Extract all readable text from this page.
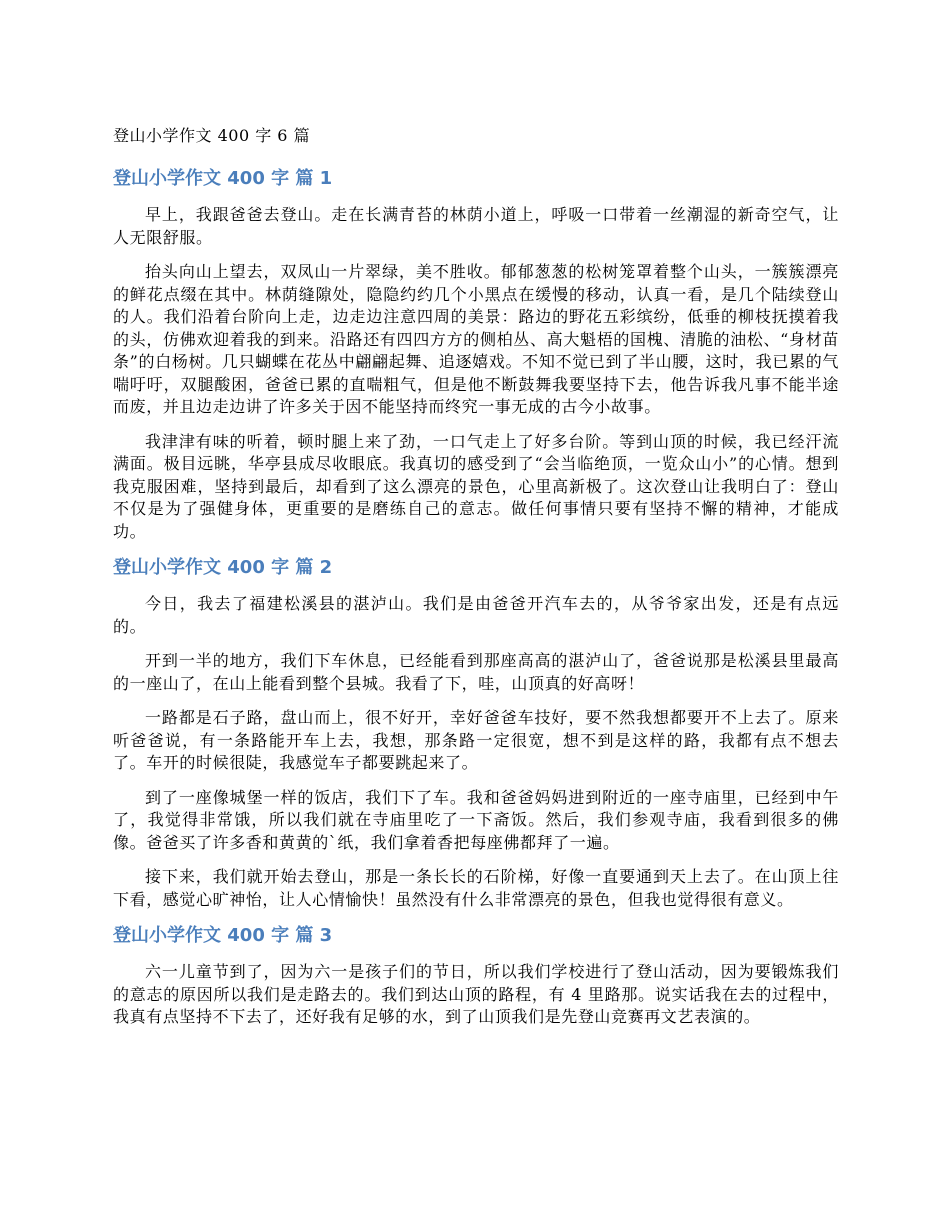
登山小学作文 400 字 6 篇
登山小学作文 400 字 篇 1

早上，我跟爸爸去登山。走在长满青苔的林荫小道上，呼吸一口带着一丝潮湿的新奇空气，让人无限舒服。

抬头向山上望去，双凤山一片翠绿，美不胜收。郁郁葱葱的松树笼罩着整个山头，一簇簇漂亮的鲜花点缀在其中。林荫缝隙处，隐隐约约几个小黑点在缓慢的移动，认真一看，是几个陆续登山的人。我们沿着台阶向上走，边走边注意四周的美景：路边的野花五彩缤纷，低垂的柳枝抚摸着我的头，仿佛欢迎着我的到来。沿路还有四四方方的侧柏丛、高大魁梧的国槐、清脆的油松、“身材苗条”的白杨树。几只蝴蝶在花丛中翩翩起舞、追逐嬉戏。不知不觉已到了半山腰，这时，我已累的气喘吁吁，双腿酸困，爸爸已累的直喘粗气，但是他不断鼓舞我要坚持下去，他告诉我凡事不能半途而废，并且边走边讲了许多关于因不能坚持而终究一事无成的古今小故事。

我津津有味的听着，顿时腿上来了劲，一口气走上了好多台阶。等到山顶的时候，我已经汗流满面。极目远眺，华亭县成尽收眼底。我真切的感受到了“会当临绝顶，一览众山小”的心情。想到我克服困难，坚持到最后，却看到了这么漂亮的景色，心里高新极了。这次登山让我明白了：登山不仅是为了强健身体，更重要的是磨练自己的意志。做任何事情只要有坚持不懈的精神，才能成功。

登山小学作文 400 字 篇 2

今日，我去了福建松溪县的湛泸山。我们是由爸爸开汽车去的，从爷爷家出发，还是有点远的。

开到一半的地方，我们下车休息，已经能看到那座高高的湛泸山了，爸爸说那是松溪县里最高的一座山了，在山上能看到整个县城。我看了下，哇，山顶真的好高呀！

一路都是石子路，盘山而上，很不好开，幸好爸爸车技好，要不然我想都要开不上去了。原来听爸爸说，有一条路能开车上去，我想，那条路一定很宽，想不到是这样的路，我都有点不想去了。车开的时候很陡，我感觉车子都要跳起来了。

到了一座像城堡一样的饭店，我们下了车。我和爸爸妈妈进到附近的一座寺庙里，已经到中午了，我觉得非常饿，所以我们就在寺庙里吃了一下斋饭。然后，我们参观寺庙，我看到很多的佛像。爸爸买了许多香和黄黄的`纸，我们拿着香把每座佛都拜了一遍。

接下来，我们就开始去登山，那是一条长长的石阶梯，好像一直要通到天上去了。在山顶上往下看，感觉心旷神怡，让人心情愉快！虽然没有什么非常漂亮的景色，但我也觉得很有意义。

登山小学作文 400 字 篇 3

六一儿童节到了，因为六一是孩子们的节日，所以我们学校进行了登山活动，因为要锻炼我们的意志的原因所以我们是走路去的。我们到达山顶的路程，有 4 里路那。说实话我在去的过程中，我真有点坚持不下去了，还好我有足够的水，到了山顶我们是先登山竞赛再文艺表演的。
